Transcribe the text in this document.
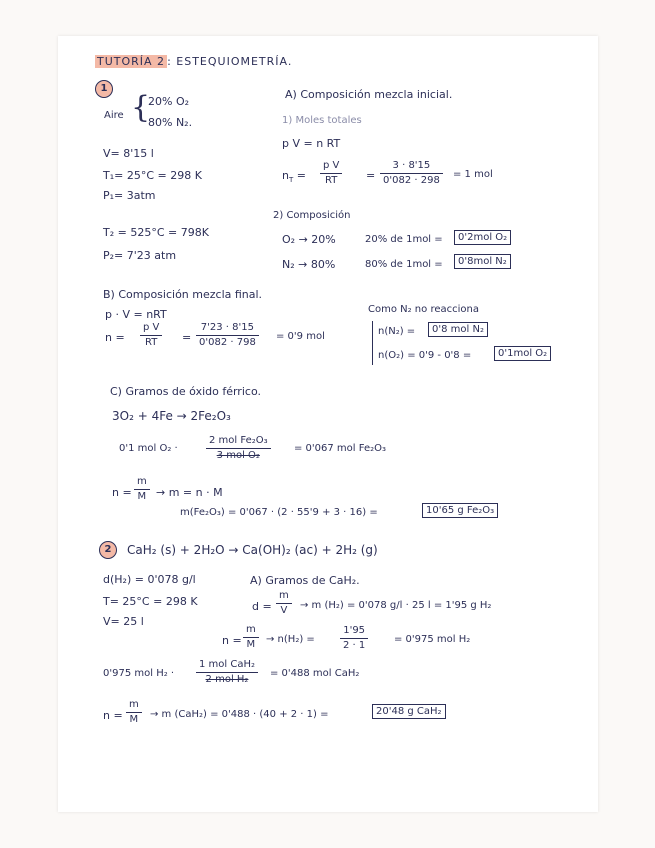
TUTORÍA 2 : ESTEQUIOMETRÍA.
1
Aire {
20% O₂
80% N₂.
V= 8'15 l
T₁= 25°C = 298 K
P₁= 3atm
T₂ = 525°C = 798K
P₂= 7'23 atm
A) Composición mezcla inicial.
1) Moles totales
p V = n RT
$n_T$ =
p V
RT	=
3 · 8'15
0'082 · 298
= 1 mol
2) Composición
O₂ → 20%	20% de 1mol =	0'2mol O₂
N₂ → 80%	80% de 1mol =	0'8mol N₂
B) Composición mezcla final.
p · V = nRT
n =
p V
RT =
7'23 · 8'15
0'082 · 798
= 0'9 mol
Como N₂ no reacciona
n(N₂) =	0'8 mol N₂
n(O₂) = 0'9 - 0'8 =	0'1mol O₂
C) Gramos de óxido férrico.
3O₂ + 4Fe → 2Fe₂O₃
0'1 mol O₂ ·
2 mol Fe₂O₃
3 mol O₂
= 0'067 mol Fe₂O₃
n =
m
M → m = n · M
m(Fe₂O₃) = 0'067 · (2 · 55'9 + 3 · 16) =	10'65 g Fe₂O₃
2	CaH₂ (s) + 2H₂O → Ca(OH)₂ (ac) + 2H₂ (g)
d(H₂) = 0'078 g/l
T= 25°C = 298 K
V= 25 l
A) Gramos de CaH₂.
d =
m
V	→ m (H₂) = 0'078 g/l · 25 l = 1'95 g H₂
n =
m
M	→ n(H₂) =
1'95
2 · 1
= 0'975 mol H₂
0'975 mol H₂ ·
1 mol CaH₂
2 mol H₂
= 0'488 mol CaH₂
n =
m
M	→ m (CaH₂) = 0'488 · (40 + 2 · 1) =	20'48 g CaH₂
